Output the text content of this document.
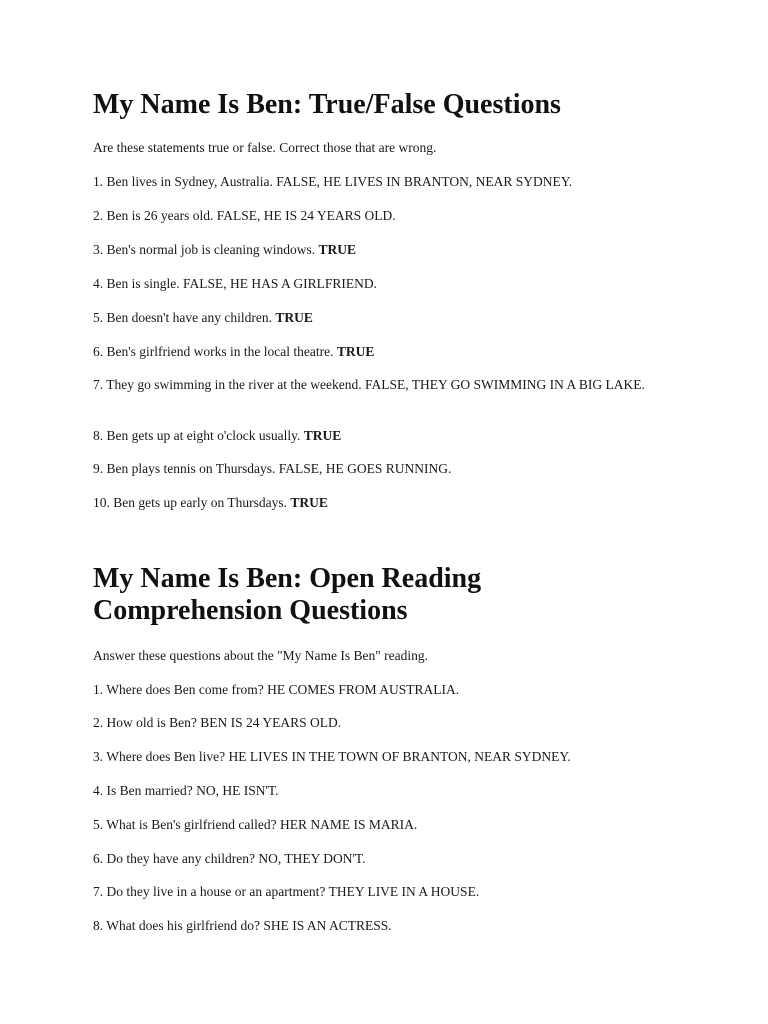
My Name Is Ben: True/False Questions

Are these statements true or false. Correct those that are wrong.

1. Ben lives in Sydney, Australia. FALSE, HE LIVES IN BRANTON, NEAR SYDNEY.

2. Ben is 26 years old. FALSE, HE IS 24 YEARS OLD.

3. Ben's normal job is cleaning windows. TRUE

4. Ben is single. FALSE, HE HAS A GIRLFRIEND.

5. Ben doesn't have any children. TRUE

6. Ben's girlfriend works in the local theatre. TRUE

7. They go swimming in the river at the weekend. FALSE, THEY GO SWIMMING IN A BIG LAKE.

8. Ben gets up at eight o'clock usually. TRUE

9. Ben plays tennis on Thursdays. FALSE, HE GOES RUNNING.

10. Ben gets up early on Thursdays. TRUE

My Name Is Ben: Open Reading Comprehension Questions

Answer these questions about the "My Name Is Ben" reading.

1. Where does Ben come from? HE COMES FROM AUSTRALIA.

2. How old is Ben? BEN IS 24 YEARS OLD.

3. Where does Ben live? HE LIVES IN THE TOWN OF BRANTON, NEAR SYDNEY.

4. Is Ben married? NO, HE ISN'T.

5. What is Ben's girlfriend called? HER NAME IS MARIA.

6. Do they have any children? NO, THEY DON'T.

7. Do they live in a house or an apartment? THEY LIVE IN A HOUSE.

8. What does his girlfriend do? SHE IS AN ACTRESS.
